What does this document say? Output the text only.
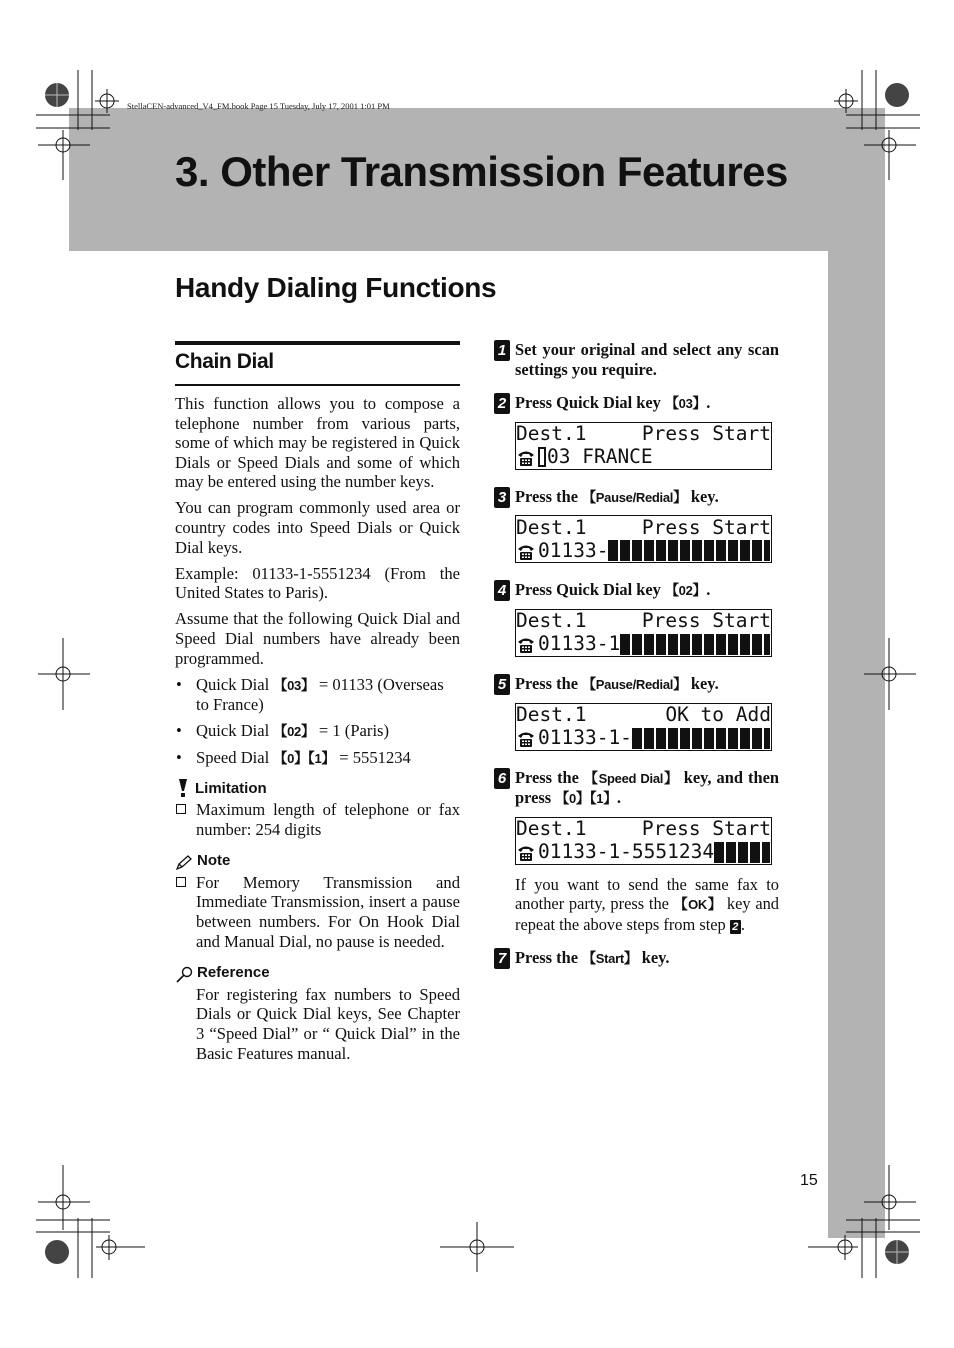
StellaCEN-advanced_V4_FM.book Page 15 Tuesday, July 17, 2001 1:01 PM
3. Other Transmission Features
Handy Dialing Functions
Chain Dial

This function allows you to compose a telephone number from various parts, some of which may be registered in Quick Dials or Speed Dials and some of which may be entered using the number keys.

You can program commonly used area or country codes into Speed Dials or Quick Dial keys.

Example: 01133-1-5551234 (From the United States to Paris).

Assume that the following Quick Dial and Speed Dial numbers have already been programmed.

• Quick Dial 【 03 】 = 01133 (Overseas to France)
• Quick Dial 【 02 】 = 1 (Paris)
• Speed Dial 【 0 】 【 1 】 = 5551234
Limitation
Maximum length of telephone or fax number: 254 digits
Note
For Memory Transmission and Immediate Transmission, insert a pause between numbers. For On Hook Dial and Manual Dial, no pause is needed.
Reference
For registering fax numbers to Speed Dials or Quick Dial keys, See Chapter 3 “Speed Dial” or “ Quick Dial” in the Basic Features manual.
1 Set your original and select any scan settings you require.
2 Press Quick Dial key 【 03 】 .
Dest.1	Press Start
03 FRANCE
3 Press the 【 Pause/Redial 】 key.
Dest.1	Press Start
01133-
4 Press Quick Dial key 【 02 】 .
Dest.1	Press Start
01133-1
5 Press the 【 Pause/Redial 】 key.
Dest.1	OK to Add
01133-1-
6 Press the 【 Speed Dial 】 key, and then press 【 0 】 【 1 】 .
Dest.1	Press Start
01133-1-5551234
If you want to send the same fax to another party, press the 【 OK 】 key and repeat the above steps from step 2 .
7 Press the 【 Start 】 key.
15
